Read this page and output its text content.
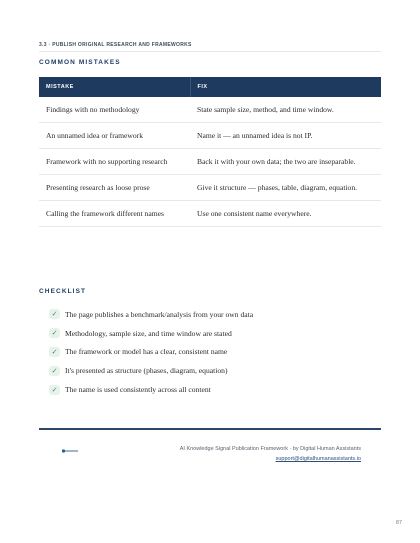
3.3 · PUBLISH ORIGINAL RESEARCH AND FRAMEWORKS
COMMON MISTAKES
MISTAKE	FIX
Findings with no methodology	State sample size, method, and time window.
An unnamed idea or framework	Name it — an unnamed idea is not IP.
Framework with no supporting research	Back it with your own data; the two are inseparable.
Presenting research as loose prose	Give it structure — phases, table, diagram, equation.
Calling the framework different names	Use one consistent name everywhere.
CHECKLIST
✓ The page publishes a benchmark/analysis from your own data
✓ Methodology, sample size, and time window are stated
✓ The framework or model has a clear, consistent name
✓ It's presented as structure (phases, diagram, equation)
✓ The name is used consistently across all content
AI Knowledge Signal Publication Framework · by Digital Human Assistants
support@digitalhumanassistants.io
87
